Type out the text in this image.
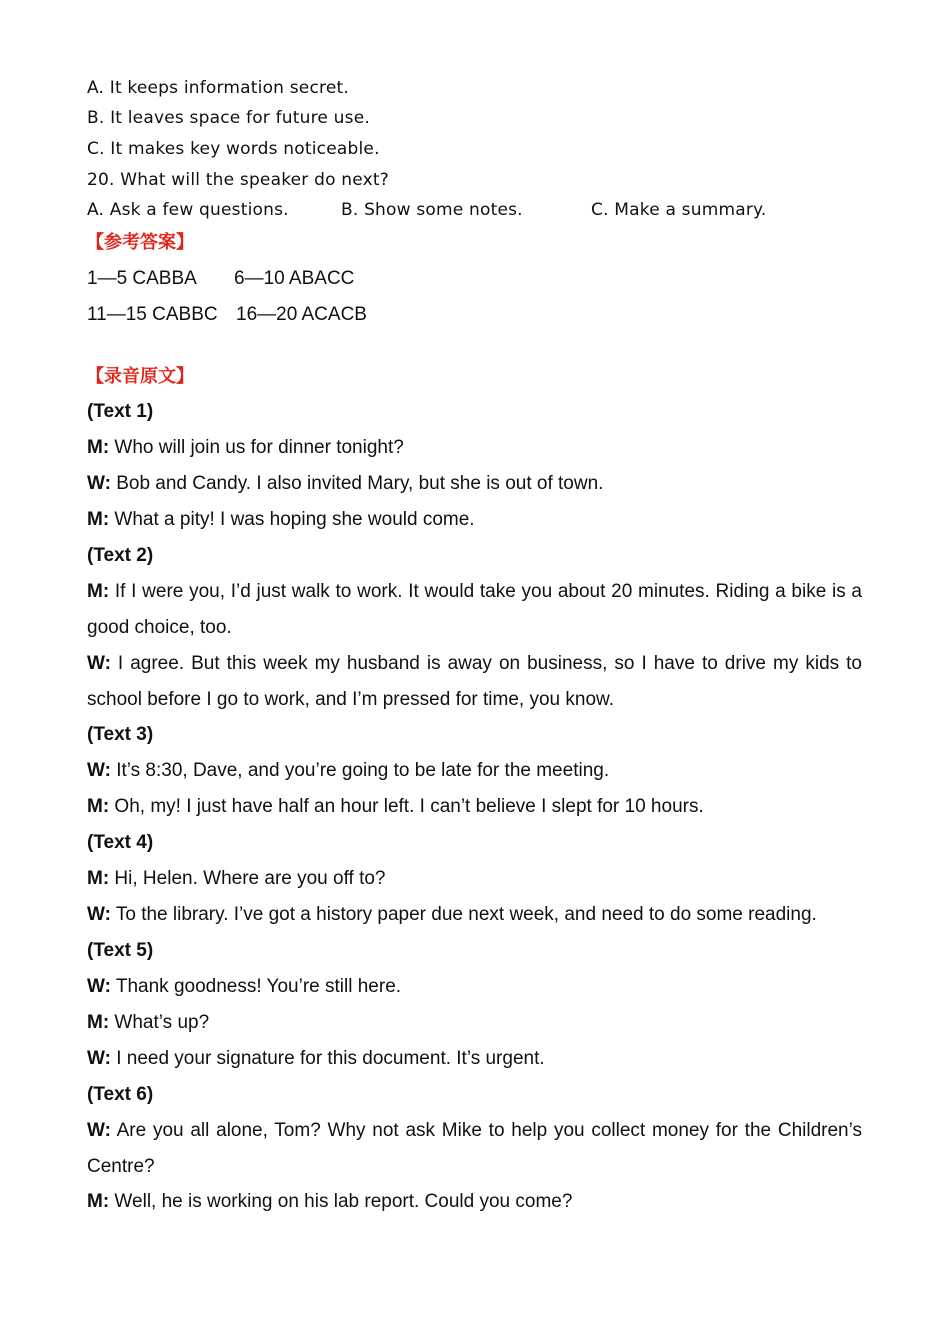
A. It keeps information secret.
B. It leaves space for future use.
C. It makes key words noticeable.
20. What will the speaker do next?
A. Ask a few questions.	B. Show some notes.	C. Make a summary.
【参考答案】
1—5 CABBA 6—10 ABACC
11—15 CABBC 16—20 ACACB
【录音原文】
(Text 1)
M: Who will join us for dinner tonight?
W: Bob and Candy. I also invited Mary, but she is out of town.
M: What a pity! I was hoping she would come.
(Text 2)
M: If I were you, I’d just walk to work. It would take you about 20 minutes. Riding a bike is a
good choice, too.
W: I agree. But this week my husband is away on business, so I have to drive my kids to
school before I go to work, and I’m pressed for time, you know.
(Text 3)
W: It’s 8:30, Dave, and you’re going to be late for the meeting.
M: Oh, my! I just have half an hour left. I can’t believe I slept for 10 hours.
(Text 4)
M: Hi, Helen. Where are you off to?
W: To the library. I’ve got a history paper due next week, and need to do some reading.
(Text 5)
W: Thank goodness! You’re still here.
M: What’s up?
W: I need your signature for this document. It’s urgent.
(Text 6)
W: Are you all alone, Tom? Why not ask Mike to help you collect money for the Children’s
Centre?
M: Well, he is working on his lab report. Could you come?
